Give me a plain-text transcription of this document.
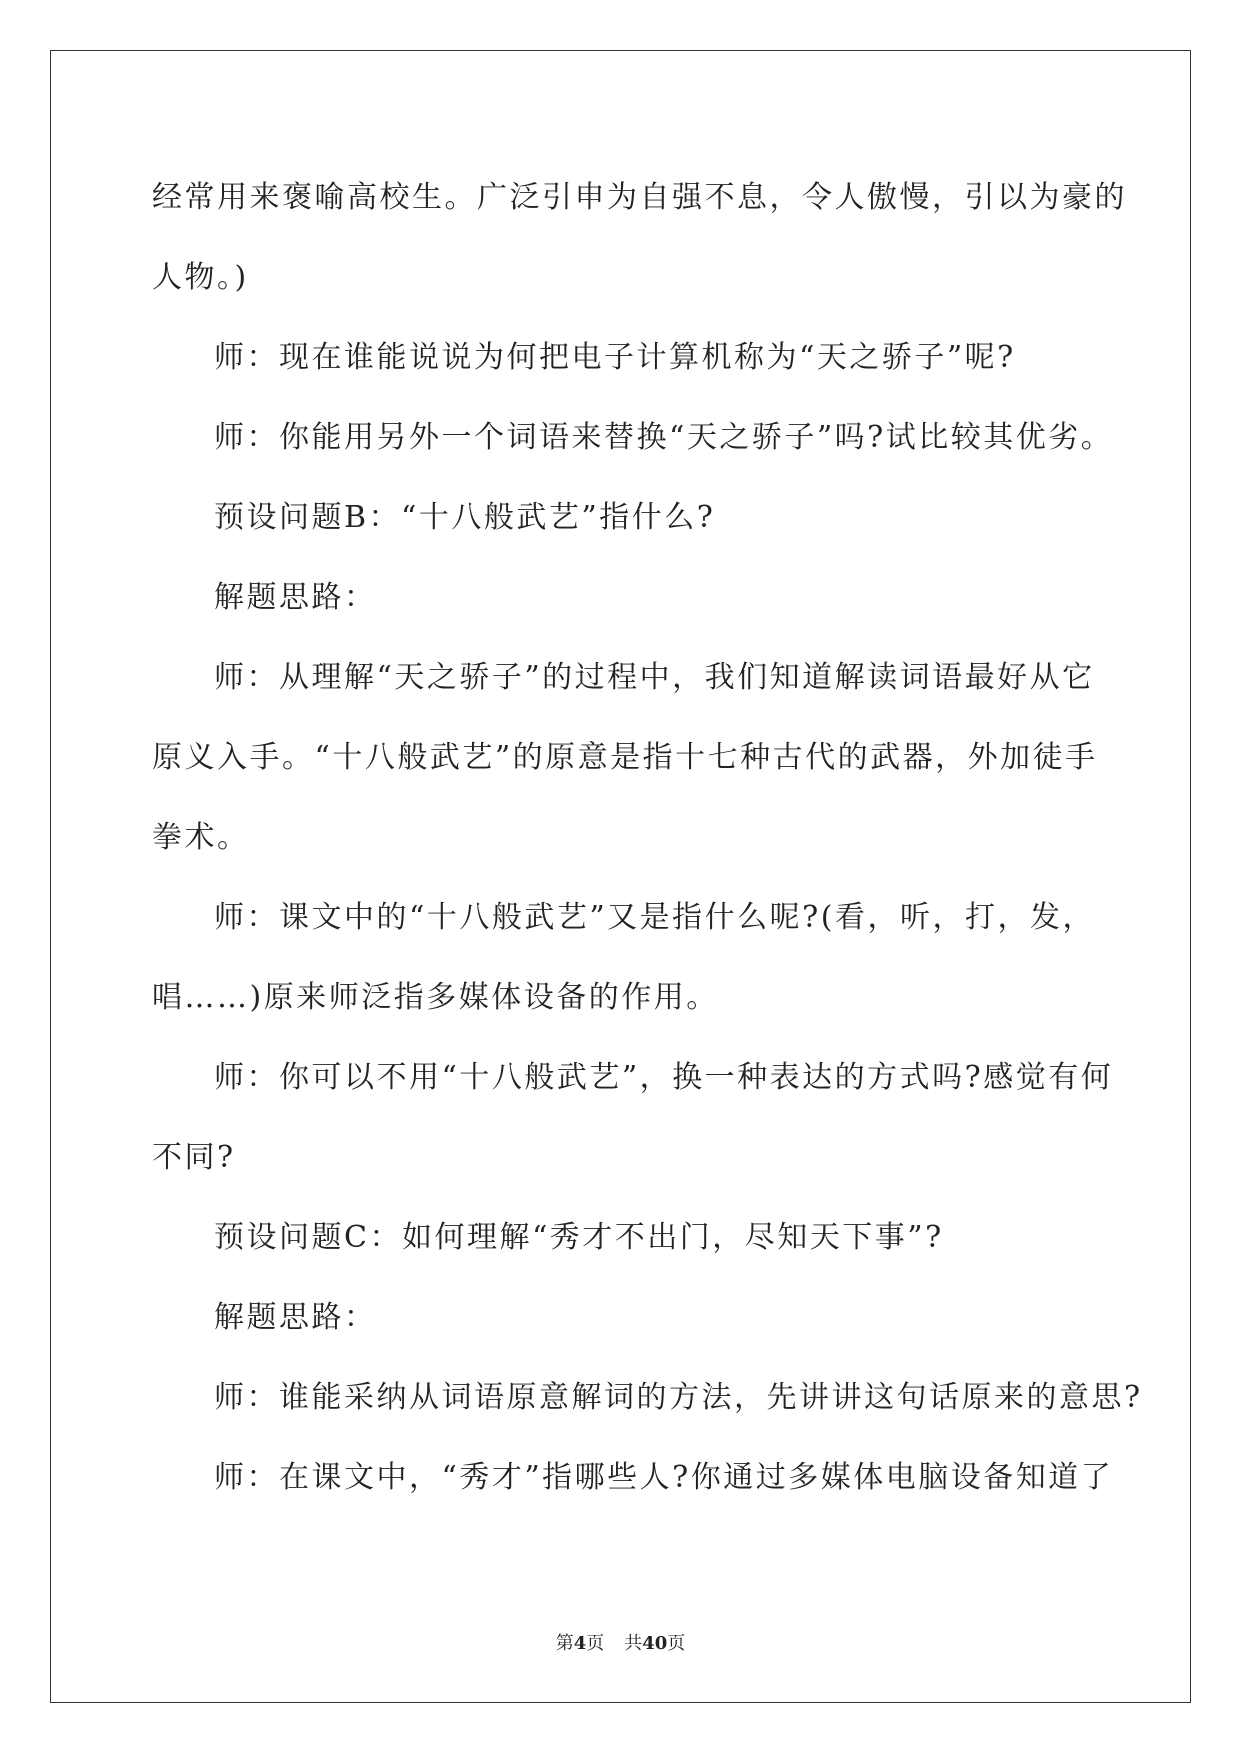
经常用来褒喻高校生。广泛引申为自强不息，令人傲慢，引以为豪的
人物。)
师：现在谁能说说为何把电子计算机称为“天之骄子”呢?
师：你能用另外一个词语来替换“天之骄子”吗?试比较其优劣。
预设问题B：“十八般武艺”指什么?
解题思路：
师：从理解“天之骄子”的过程中，我们知道解读词语最好从它
原义入手。“十八般武艺”的原意是指十七种古代的武器，外加徒手
拳术。
师：课文中的“十八般武艺”又是指什么呢?(看，听，打，发，
唱……)原来师泛指多媒体设备的作用。
师：你可以不用“十八般武艺”，换一种表达的方式吗?感觉有何
不同?
预设问题C：如何理解“秀才不出门，尽知天下事”?
解题思路：
师：谁能采纳从词语原意解词的方法，先讲讲这句话原来的意思?
师：在课文中，“秀才”指哪些人?你通过多媒体电脑设备知道了
第4页 共40页
